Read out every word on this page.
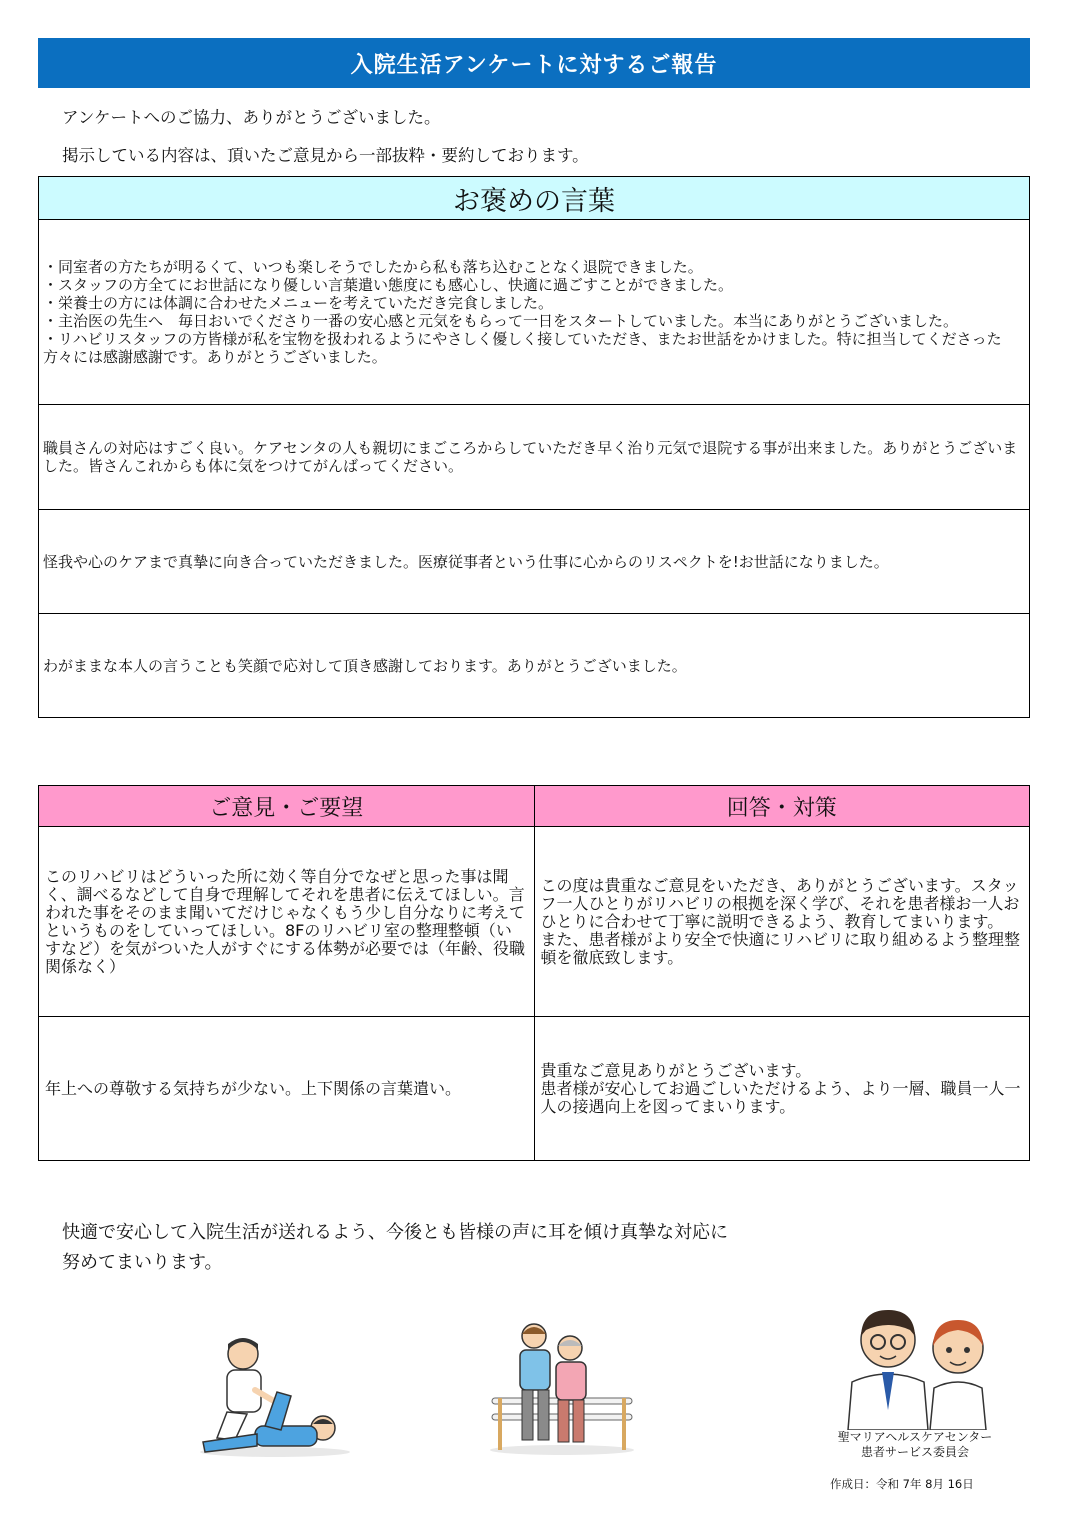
入院生活アンケートに対するご報告
アンケートへのご協力、ありがとうございました。
掲示している内容は、頂いたご意見から一部抜粋・要約しております。
お褒めの言葉

・同室者の方たちが明るくて、いつも楽しそうでしたから私も落ち込むことなく退院できました。
・スタッフの方全てにお世話になり優しい言葉遣い態度にも感心し、快適に過ごすことができました。
・栄養士の方には体調に合わせたメニューを考えていただき完食しました。
・主治医の先生へ　毎日おいでくださり一番の安心感と元気をもらって一日をスタートしていました。本当にありがとうございました。
・リハビリスタッフの方皆様が私を宝物を扱われるようにやさしく優しく接していただき、またお世話をかけました。特に担当してくださった方々には感謝感謝です。ありがとうございました。

職員さんの対応はすごく良い。ケアセンタの人も親切にまごころからしていただき早く治り元気で退院する事が出来ました。ありがとうございました。皆さんこれからも体に気をつけてがんばってください。
怪我や心のケアまで真摯に向き合っていただきました。医療従事者という仕事に心からのリスペクトを!お世話になりました。
わがままな本人の言うことも笑顔で応対して頂き感謝しております。ありがとうございました。
ご意見・ご要望	回答・対策
このリハビリはどういった所に効く等自分でなぜと思った事は聞く、調べるなどして自身で理解してそれを患者に伝えてほしい。言われた事をそのまま聞いてだけじゃなくもう少し自分なりに考えてというものをしていってほしい。8Fのリハビリ室の整理整頓（いすなど）を気がついた人がすぐにする体勢が必要では（年齢、役職関係なく）	この度は貴重なご意見をいただき、ありがとうございます。スタッフ一人ひとりがリハビリの根拠を深く学び、それを患者様お一人おひとりに合わせて丁寧に説明できるよう、教育してまいります。
また、患者様がより安全で快適にリハビリに取り組めるよう整理整頓を徹底致します。
年上への尊敬する気持ちが少ない。上下関係の言葉遣い。	貴重なご意見ありがとうございます。
患者様が安心してお過ごしいただけるよう、より一層、職員一人一人の接遇向上を図ってまいります。
快適で安心して入院生活が送れるよう、今後とも皆様の声に耳を傾け真摯な対応に
努めてまいります。
聖マリアヘルスケアセンター
患者サービス委員会
作成日：令和 7年 8月 16日
